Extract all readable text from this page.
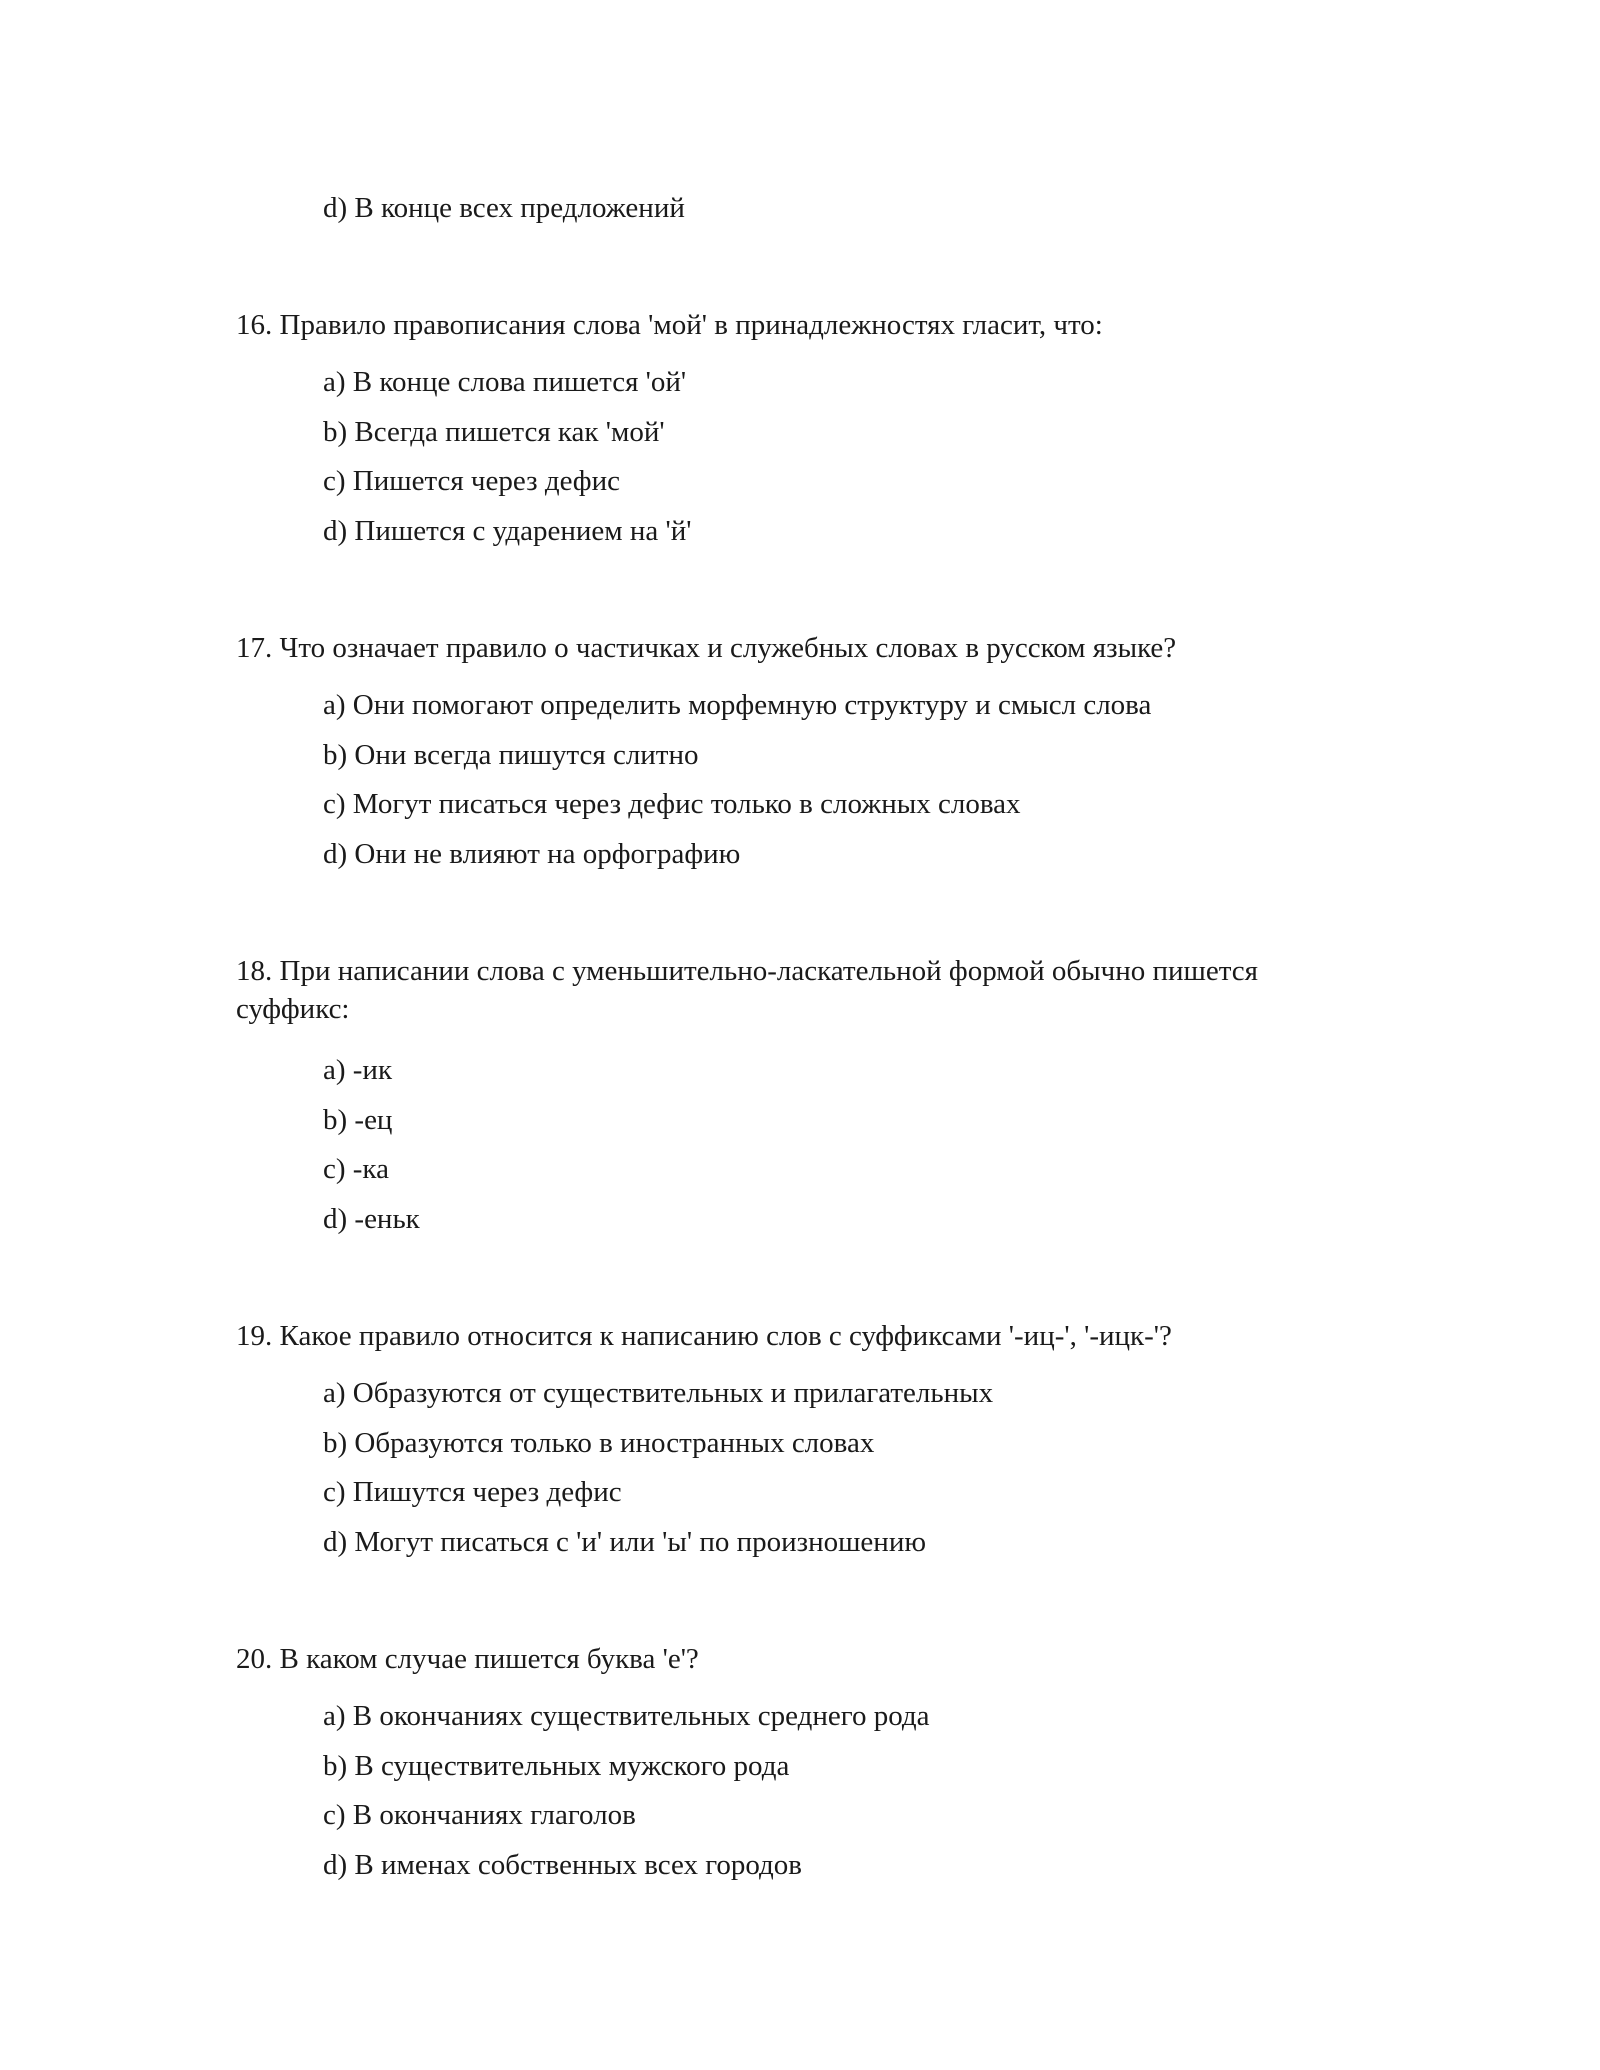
d) В конце всех предложений
16. Правило правописания слова 'мой' в принадлежностях гласит, что:
a) В конце слова пишется 'ой'
b) Всегда пишется как 'мой'
c) Пишется через дефис
d) Пишется с ударением на 'й'
17. Что означает правило о частичках и служебных словах в русском языке?
a) Они помогают определить морфемную структуру и смысл слова
b) Они всегда пишутся слитно
c) Могут писаться через дефис только в сложных словах
d) Они не влияют на орфографию
18. При написании слова с уменьшительно-ласкательной формой обычно пишется суффикс:
a) -ик
b) -ец
c) -ка
d) -еньк
19. Какое правило относится к написанию слов с суффиксами '-иц-', '-ицк-'?
a) Образуются от существительных и прилагательных
b) Образуются только в иностранных словах
c) Пишутся через дефис
d) Могут писаться с 'и' или 'ы' по произношению
20. В каком случае пишется буква 'е'?
a) В окончаниях существительных среднего рода
b) В существительных мужского рода
c) В окончаниях глаголов
d) В именах собственных всех городов
